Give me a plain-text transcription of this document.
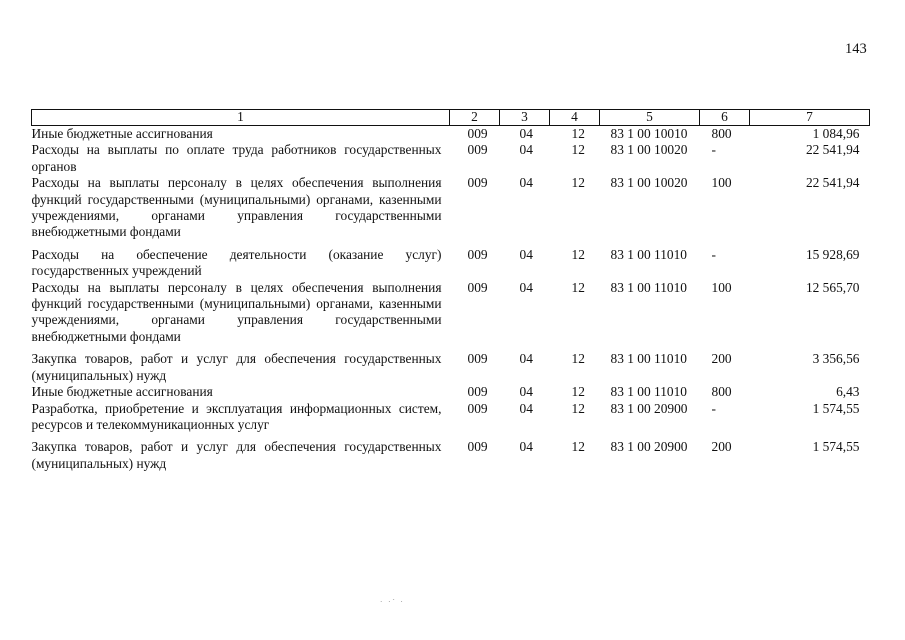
143
1	2	3	4	5	6	7
Иные бюджетные ассигнования	009	04	12	83 1 00 10010	800	1 084,96
Расходы на выплаты по оплате труда работников государственных органов	009	04	12	83 1 00 10020	-	22 541,94
Расходы на выплаты персоналу в целях обеспечения выполнения функций государственными (муниципальными) органами, казенными учреждениями, органами управления государственными внебюджетными фондами	009	04	12	83 1 00 10020	100	22 541,94
Расходы на обеспечение деятельности (оказание услуг) государственных учреждений	009	04	12	83 1 00 11010	-	15 928,69
Расходы на выплаты персоналу в целях обеспечения выполнения функций государственными (муниципальными) органами, казенными учреждениями, органами управления государственными внебюджетными фондами	009	04	12	83 1 00 11010	100	12 565,70
Закупка товаров, работ и услуг для обеспечения государственных (муниципальных) нужд	009	04	12	83 1 00 11010	200	3 356,56
Иные бюджетные ассигнования	009	04	12	83 1 00 11010	800	6,43
Разработка, приобретение и эксплуатация информационных систем, ресурсов и телекоммуникационных услуг	009	04	12	83 1 00 20900	-	1 574,55
Закупка товаров, работ и услуг для обеспечения государственных (муниципальных) нужд	009	04	12	83 1 00 20900	200	1 574,55
· ·ˊ ·
